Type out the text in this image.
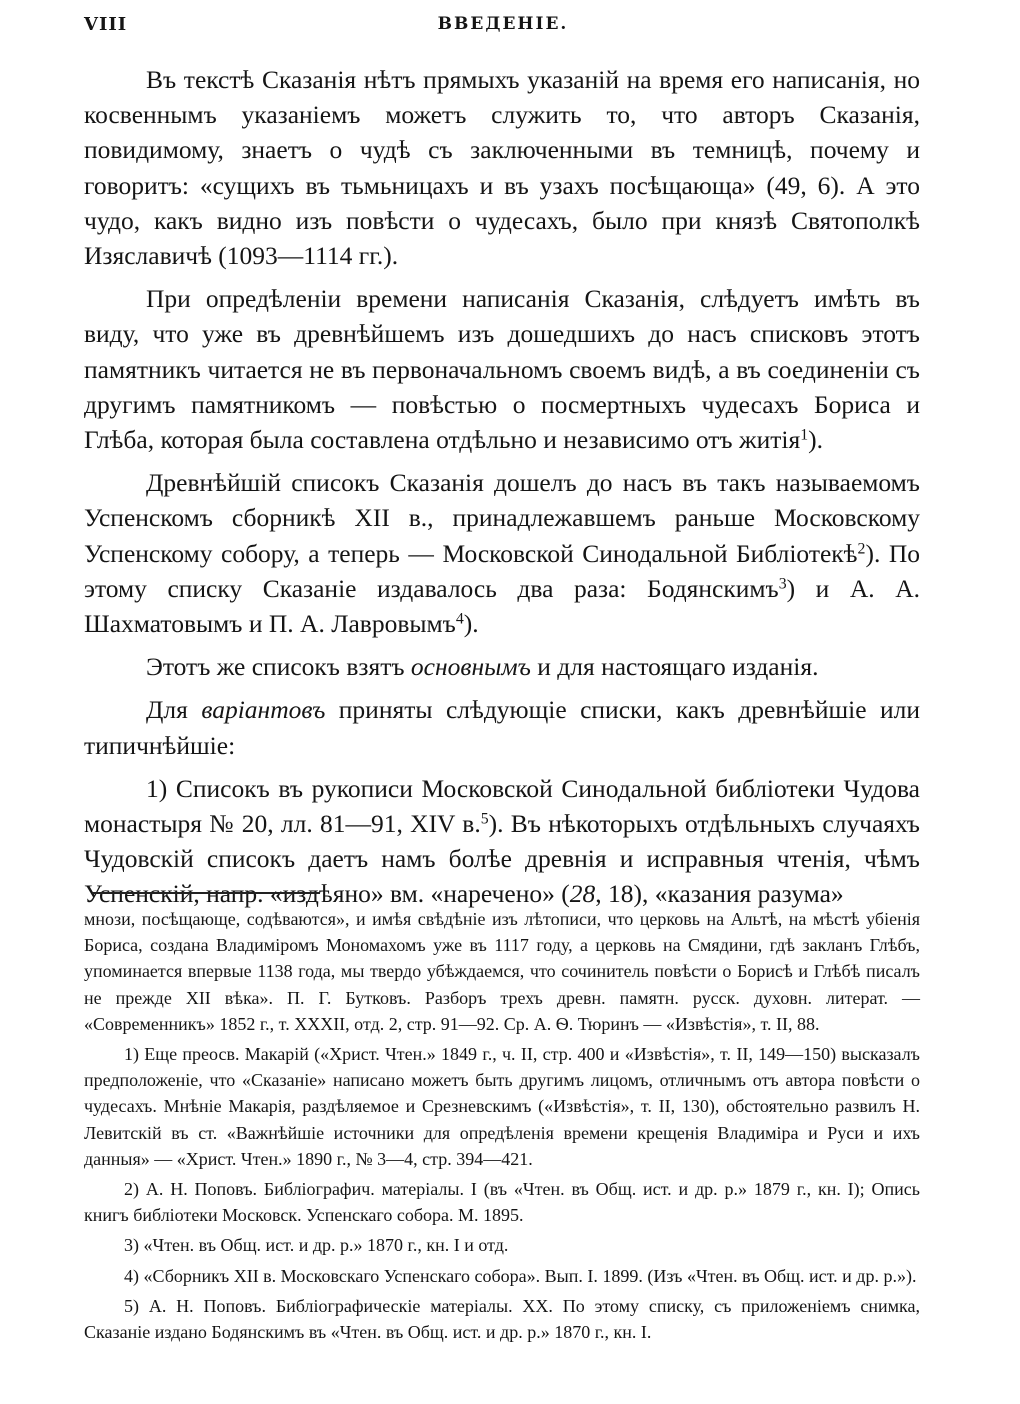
VIII	ВВЕДЕНІЕ.

Въ текстѣ Сказанія нѣтъ прямыхъ указаній на время его написанія, но косвеннымъ указаніемъ можетъ служить то, что авторъ Сказанія, повидимому, знаетъ о чудѣ съ заключенными въ темницѣ, почему и говоритъ: «сущихъ въ тьмьницахъ и въ узахъ посѣщающа» (49, 6). А это чудо, какъ видно изъ повѣсти о чудесахъ, было при князѣ Святополкѣ Изяславичѣ (1093—1114 гг.).

При опредѣленіи времени написанія Сказанія, слѣдуетъ имѣть въ виду, что уже въ древнѣйшемъ изъ дошедшихъ до насъ списковъ этотъ памятникъ читается не въ первоначальномъ своемъ видѣ, а въ соединеніи съ другимъ памятникомъ — повѣстью о посмертныхъ чудесахъ Бориса и Глѣба, которая была составлена отдѣльно и независимо отъ житія$^1$).

Древнѣйшій списокъ Сказанія дошелъ до насъ въ такъ называемомъ Успенскомъ сборникѣ XII в., принадлежавшемъ раньше Московскому Успенскому собору, а теперь — Московской Синодальной Библіотекѣ$^2$). По этому списку Сказаніе издавалось два раза: Бодянскимъ$^3$) и А. А. Шахматовымъ и П. А. Лавровымъ$^4$).

Этотъ же списокъ взятъ основнымъ и для настоящаго изданія.

Для варіантовъ приняты слѣдующіе списки, какъ древнѣйшіе или типичнѣйшіе:

1) Списокъ въ рукописи Московской Синодальной библіотеки Чудова монастыря № 20, лл. 81—91, XIV в.$^5$). Въ нѣкоторыхъ отдѣльныхъ случаяхъ Чудовскій списокъ даетъ намъ болѣе древнія и исправныя чтенія, чѣмъ Успенскій, напр. «издѣяно» вм. «наречено» (28, 18), «казания разума»

мнози, посѣщающе, содѣваются», и имѣя свѣдѣніе изъ лѣтописи, что церковь на Альтѣ, на мѣстѣ убіенія Бориса, создана Владиміромъ Мономахомъ уже въ 1117 году, а церковь на Смядини, гдѣ закланъ Глѣбъ, упоминается впервые 1138 года, мы твердо убѣждаемся, что сочинитель повѣсти о Борисѣ и Глѣбѣ писалъ не прежде XII вѣка». П. Г. Бутковъ. Разборъ трехъ древн. памятн. русск. духовн. литерат. — «Современникъ» 1852 г., т. XXXII, отд. 2, стр. 91—92. Ср. А. Ѳ. Тюринъ — «Извѣстія», т. II, 88.

1) Еще преосв. Макарій («Христ. Чтен.» 1849 г., ч. II, стр. 400 и «Извѣстія», т. II, 149—150) высказалъ предположеніе, что «Сказаніе» написано можетъ быть другимъ лицомъ, отличнымъ отъ автора повѣсти о чудесахъ. Мнѣніе Макарія, раздѣляемое и Срезневскимъ («Извѣстія», т. II, 130), обстоятельно развилъ Н. Левитскій въ ст. «Важнѣйшіе источники для опредѣленія времени крещенія Владиміра и Руси и ихъ данныя» — «Христ. Чтен.» 1890 г., № 3—4, стр. 394—421.

2) А. Н. Поповъ. Библіографич. матеріалы. I (въ «Чтен. въ Общ. ист. и др. р.» 1879 г., кн. I); Опись книгъ библіотеки Московск. Успенскаго собора. М. 1895.

3) «Чтен. въ Общ. ист. и др. р.» 1870 г., кн. I и отд.

4) «Сборникъ XII в. Московскаго Успенскаго собора». Вып. I. 1899. (Изъ «Чтен. въ Общ. ист. и др. р.»).

5) А. Н. Поповъ. Библіографическіе матеріалы. XX. По этому списку, съ приложеніемъ снимка, Сказаніе издано Бодянскимъ въ «Чтен. въ Общ. ист. и др. р.» 1870 г., кн. I.
